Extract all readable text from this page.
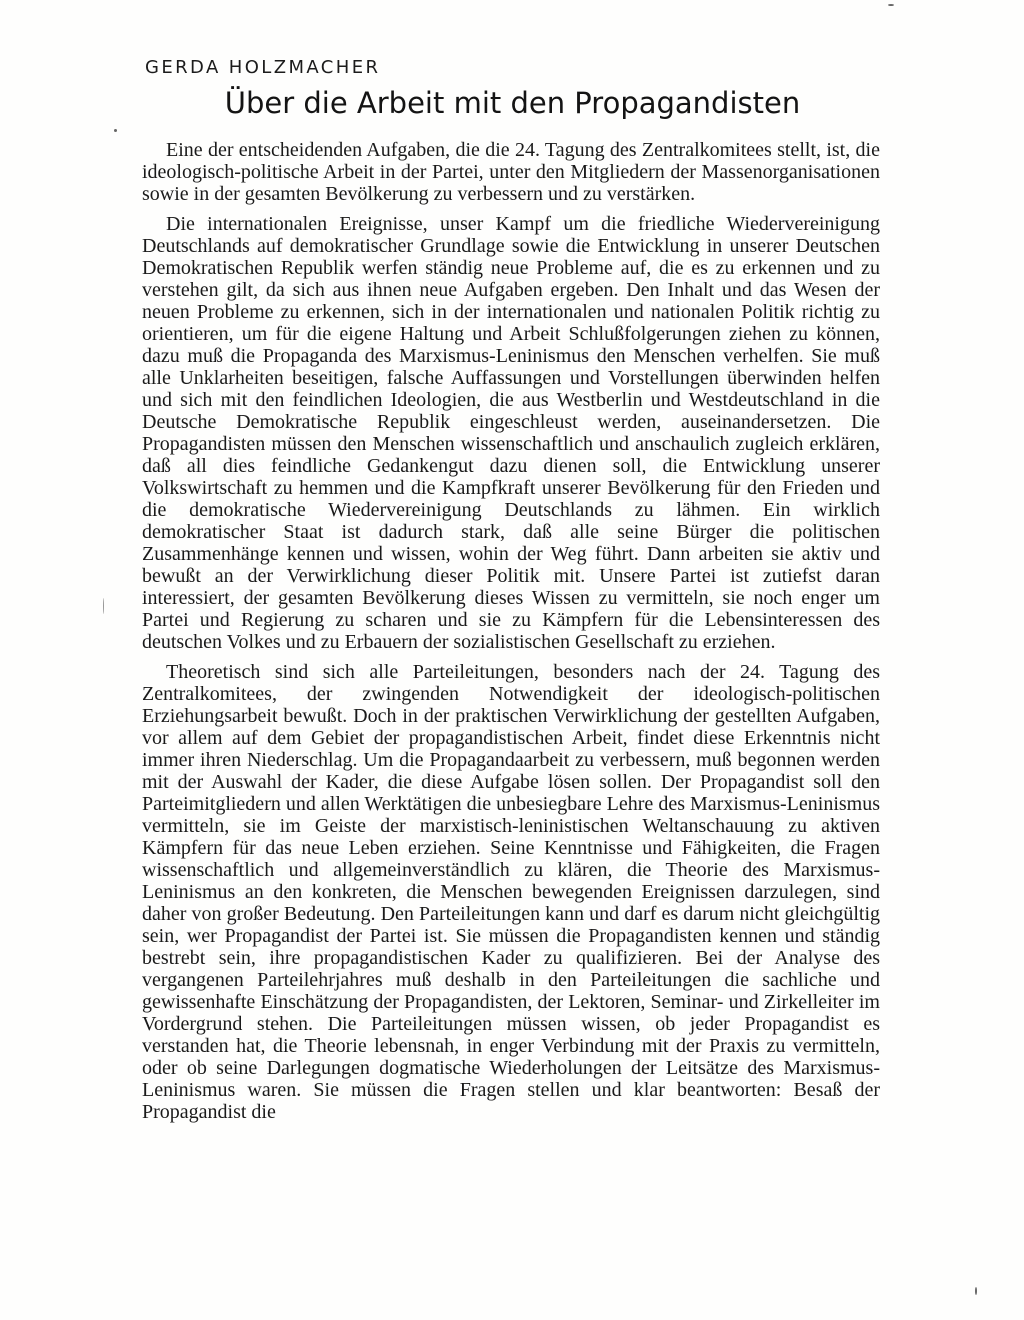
GERDA HOLZMACHER
Über die Arbeit mit den Propagandisten

Eine der entscheidenden Aufgaben, die die 24. Tagung des Zentralkomitees stellt, ist, die ideologisch-politische Arbeit in der Partei, unter den Mitgliedern der Massenorganisationen sowie in der gesamten Bevölkerung zu verbessern und zu verstärken.

Die internationalen Ereignisse, unser Kampf um die friedliche Wiedervereinigung Deutschlands auf demokratischer Grundlage sowie die Entwicklung in unserer Deutschen Demokratischen Republik werfen ständig neue Probleme auf, die es zu erkennen und zu verstehen gilt, da sich aus ihnen neue Aufgaben ergeben. Den Inhalt und das Wesen der neuen Probleme zu erkennen, sich in der internationalen und nationalen Politik richtig zu orientieren, um für die eigene Haltung und Arbeit Schlußfolgerungen ziehen zu können, dazu muß die Propaganda des Marxismus-Leninismus den Menschen verhelfen. Sie muß alle Unklarheiten beseitigen, falsche Auffassungen und Vorstellungen überwinden helfen und sich mit den feindlichen Ideologien, die aus Westberlin und Westdeutschland in die Deutsche Demokratische Republik eingeschleust werden, auseinandersetzen. Die Propagandisten müssen den Menschen wissenschaftlich und anschaulich zugleich erklären, daß all dies feindliche Gedankengut dazu dienen soll, die Entwicklung unserer Volkswirtschaft zu hemmen und die Kampfkraft unserer Bevölkerung für den Frieden und die demokratische Wiedervereinigung Deutschlands zu lähmen. Ein wirklich demokratischer Staat ist dadurch stark, daß alle seine Bürger die politischen Zusammenhänge kennen und wissen, wohin der Weg führt. Dann arbeiten sie aktiv und bewußt an der Verwirklichung dieser Politik mit. Unsere Partei ist zutiefst daran interessiert, der gesamten Bevölkerung dieses Wissen zu vermitteln, sie noch enger um Partei und Regierung zu scharen und sie zu Kämpfern für die Lebensinteressen des deutschen Volkes und zu Erbauern der sozialistischen Gesellschaft zu erziehen.

Theoretisch sind sich alle Parteileitungen, besonders nach der 24. Tagung des Zentralkomitees, der zwingenden Notwendigkeit der ideologisch-politischen Erziehungsarbeit bewußt. Doch in der praktischen Verwirklichung der gestellten Aufgaben, vor allem auf dem Gebiet der propagandistischen Arbeit, findet diese Erkenntnis nicht immer ihren Niederschlag. Um die Propagandaarbeit zu verbessern, muß begonnen werden mit der Auswahl der Kader, die diese Aufgabe lösen sollen. Der Propagandist soll den Parteimitgliedern und allen Werktätigen die unbesiegbare Lehre des Marxismus-Leninismus vermitteln, sie im Geiste der marxistisch-leninistischen Weltanschauung zu aktiven Kämpfern für das neue Leben erziehen. Seine Kenntnisse und Fähigkeiten, die Fragen wissenschaftlich und allgemeinverständlich zu klären, die Theorie des Marxismus-Leninismus an den konkreten, die Menschen bewegenden Ereignissen darzulegen, sind daher von großer Bedeutung. Den Parteileitungen kann und darf es darum nicht gleichgültig sein, wer Propagandist der Partei ist. Sie müssen die Propagandisten kennen und ständig bestrebt sein, ihre propagandistischen Kader zu qualifizieren. Bei der Analyse des vergangenen Parteilehrjahres muß deshalb in den Parteileitungen die sachliche und gewissenhafte Einschätzung der Propagandisten, der Lektoren, Seminar- und Zirkelleiter im Vordergrund stehen. Die Parteileitungen müssen wissen, ob jeder Propagandist es verstanden hat, die Theorie lebensnah, in enger Verbindung mit der Praxis zu vermitteln, oder ob seine Darlegungen dogmatische Wiederholungen der Leitsätze des Marxismus-Leninismus waren. Sie müssen die Fragen stellen und klar beantworten: Besaß der Propagandist die
